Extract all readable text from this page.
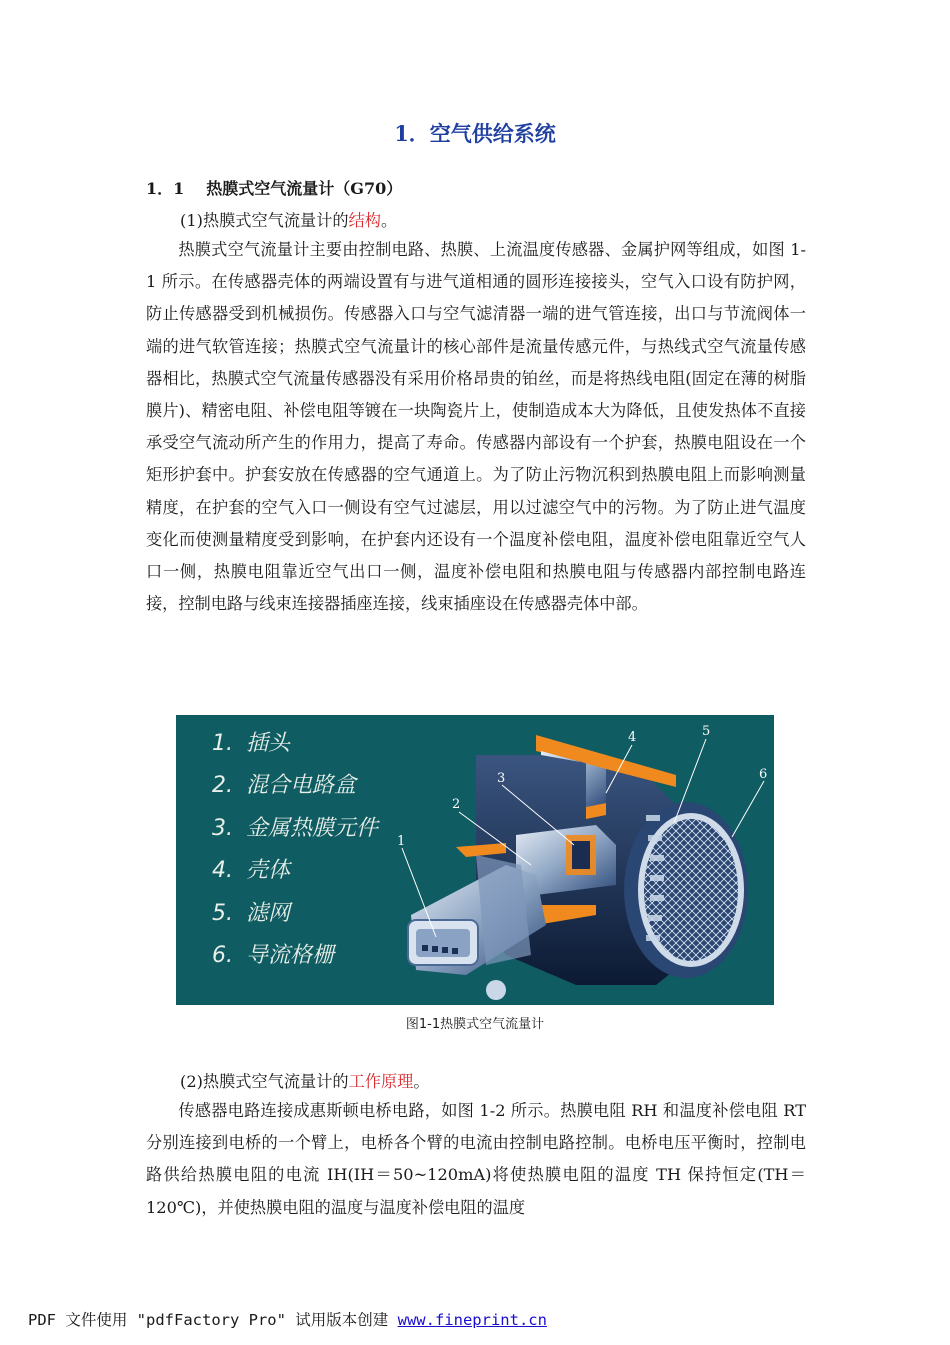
1．空气供给系统
1．1 热膜式空气流量计（G70）
(1)热膜式空气流量计的结构。
热膜式空气流量计主要由控制电路、热膜、上流温度传感器、金属护网等组成，如图 1-1 所示。在传感器壳体的两端设置有与进气道相通的圆形连接接头，空气入口设有防护网，防止传感器受到机械损伤。传感器入口与空气滤清器一端的进气管连接，出口与节流阀体一端的进气软管连接；热膜式空气流量计的核心部件是流量传感元件，与热线式空气流量传感器相比，热膜式空气流量传感器没有采用价格昂贵的铂丝，而是将热线电阻(固定在薄的树脂膜片)、精密电阻、补偿电阻等镀在一块陶瓷片上，使制造成本大为降低，且使发热体不直接承受空气流动所产生的作用力，提高了寿命。传感器内部设有一个护套，热膜电阻设在一个矩形护套中。护套安放在传感器的空气通道上。为了防止污物沉积到热膜电阻上而影响测量精度，在护套的空气入口一侧设有空气过滤层，用以过滤空气中的污物。为了防止进气温度变化而使测量精度受到影响，在护套内还设有一个温度补偿电阻，温度补偿电阻靠近空气人口一侧，热膜电阻靠近空气出口一侧，温度补偿电阻和热膜电阻与传感器内部控制电路连接，控制电路与线束连接器插座连接，线束插座设在传感器壳体中部。
1
2
3
4	5
6
1. 插头
2. 混合电路盒
3. 金属热膜元件
4. 壳体
5. 滤网
6. 导流格栅
图1-1热膜式空气流量计
(2)热膜式空气流量计的工作原理。
传感器电路连接成惠斯顿电桥电路，如图 1-2 所示。热膜电阻 RH 和温度补偿电阻 RT 分别连接到电桥的一个臂上，电桥各个臂的电流由控制电路控制。电桥电压平衡时，控制电路供给热膜电阻的电流 IH(IH＝50~120mA)将使热膜电阻的温度 TH 保持恒定(TH＝120℃)，并使热膜电阻的温度与温度补偿电阻的温度
PDF 文件使用 "pdfFactory Pro" 试用版本创建 www.fineprint.cn
